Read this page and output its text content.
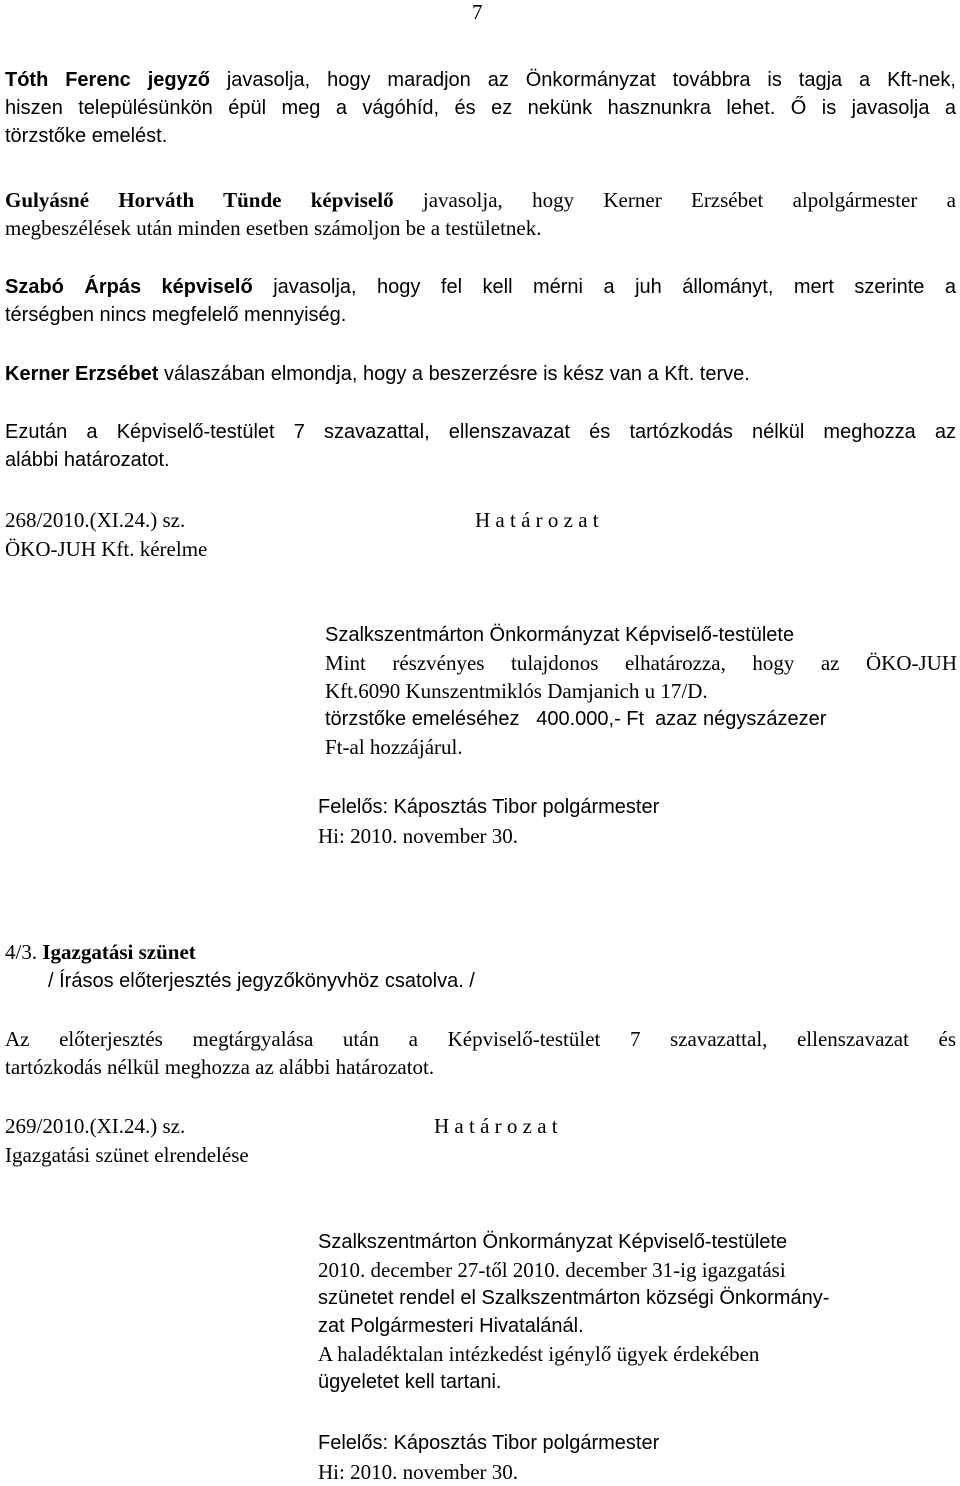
7
Tóth Ferenc jegyző javasolja, hogy maradjon az Önkormányzat továbbra is tagja a Kft-nek,
hiszen településünkön épül meg a vágóhíd, és ez nekünk hasznunkra lehet. Ő is javasolja a
törzstőke emelést.
Gulyásné Horváth Tünde képviselő javasolja, hogy Kerner Erzsébet alpolgármester a
megbeszélések után minden esetben számoljon be a testületnek.
Szabó Árpás képviselő javasolja, hogy fel kell mérni a juh állományt, mert szerinte a
térségben nincs megfelelő mennyiség.
Kerner Erzsébet válaszában elmondja, hogy a beszerzésre is kész van a Kft. terve.
Ezután a Képviselő-testület 7 szavazattal, ellenszavazat és tartózkodás nélkül meghozza az
alábbi határozatot.
268/2010.(XI.24.) sz.
ÖKO-JUH Kft. kérelme
H a t á r o z a t
Szalkszentmárton Önkormányzat Képviselő-testülete
Mint részvényes tulajdonos elhatározza, hogy az ÖKO-JUH
Kft.6090 Kunszentmiklós Damjanich u 17/D.
törzstőke emeléséhez   400.000,- Ft  azaz négyszázezer
Ft-al hozzájárul.
Felelős: Káposztás Tibor polgármester
Hi: 2010. november 30.
4/3. Igazgatási szünet
/ Írásos előterjesztés jegyzőkönyvhöz csatolva. /
Az előterjesztés megtárgyalása után a Képviselő-testület 7 szavazattal, ellenszavazat és
tartózkodás nélkül meghozza az alábbi határozatot.
269/2010.(XI.24.) sz.
Igazgatási szünet elrendelése
H a t á r o z a t
Szalkszentmárton Önkormányzat Képviselő-testülete
2010. december 27-től 2010. december 31-ig igazgatási
szünetet rendel el Szalkszentmárton községi Önkormány-
zat Polgármesteri Hivatalánál.
A haladéktalan intézkedést igénylő ügyek érdekében
ügyeletet kell tartani.
Felelős: Káposztás Tibor polgármester
Hi: 2010. november 30.
